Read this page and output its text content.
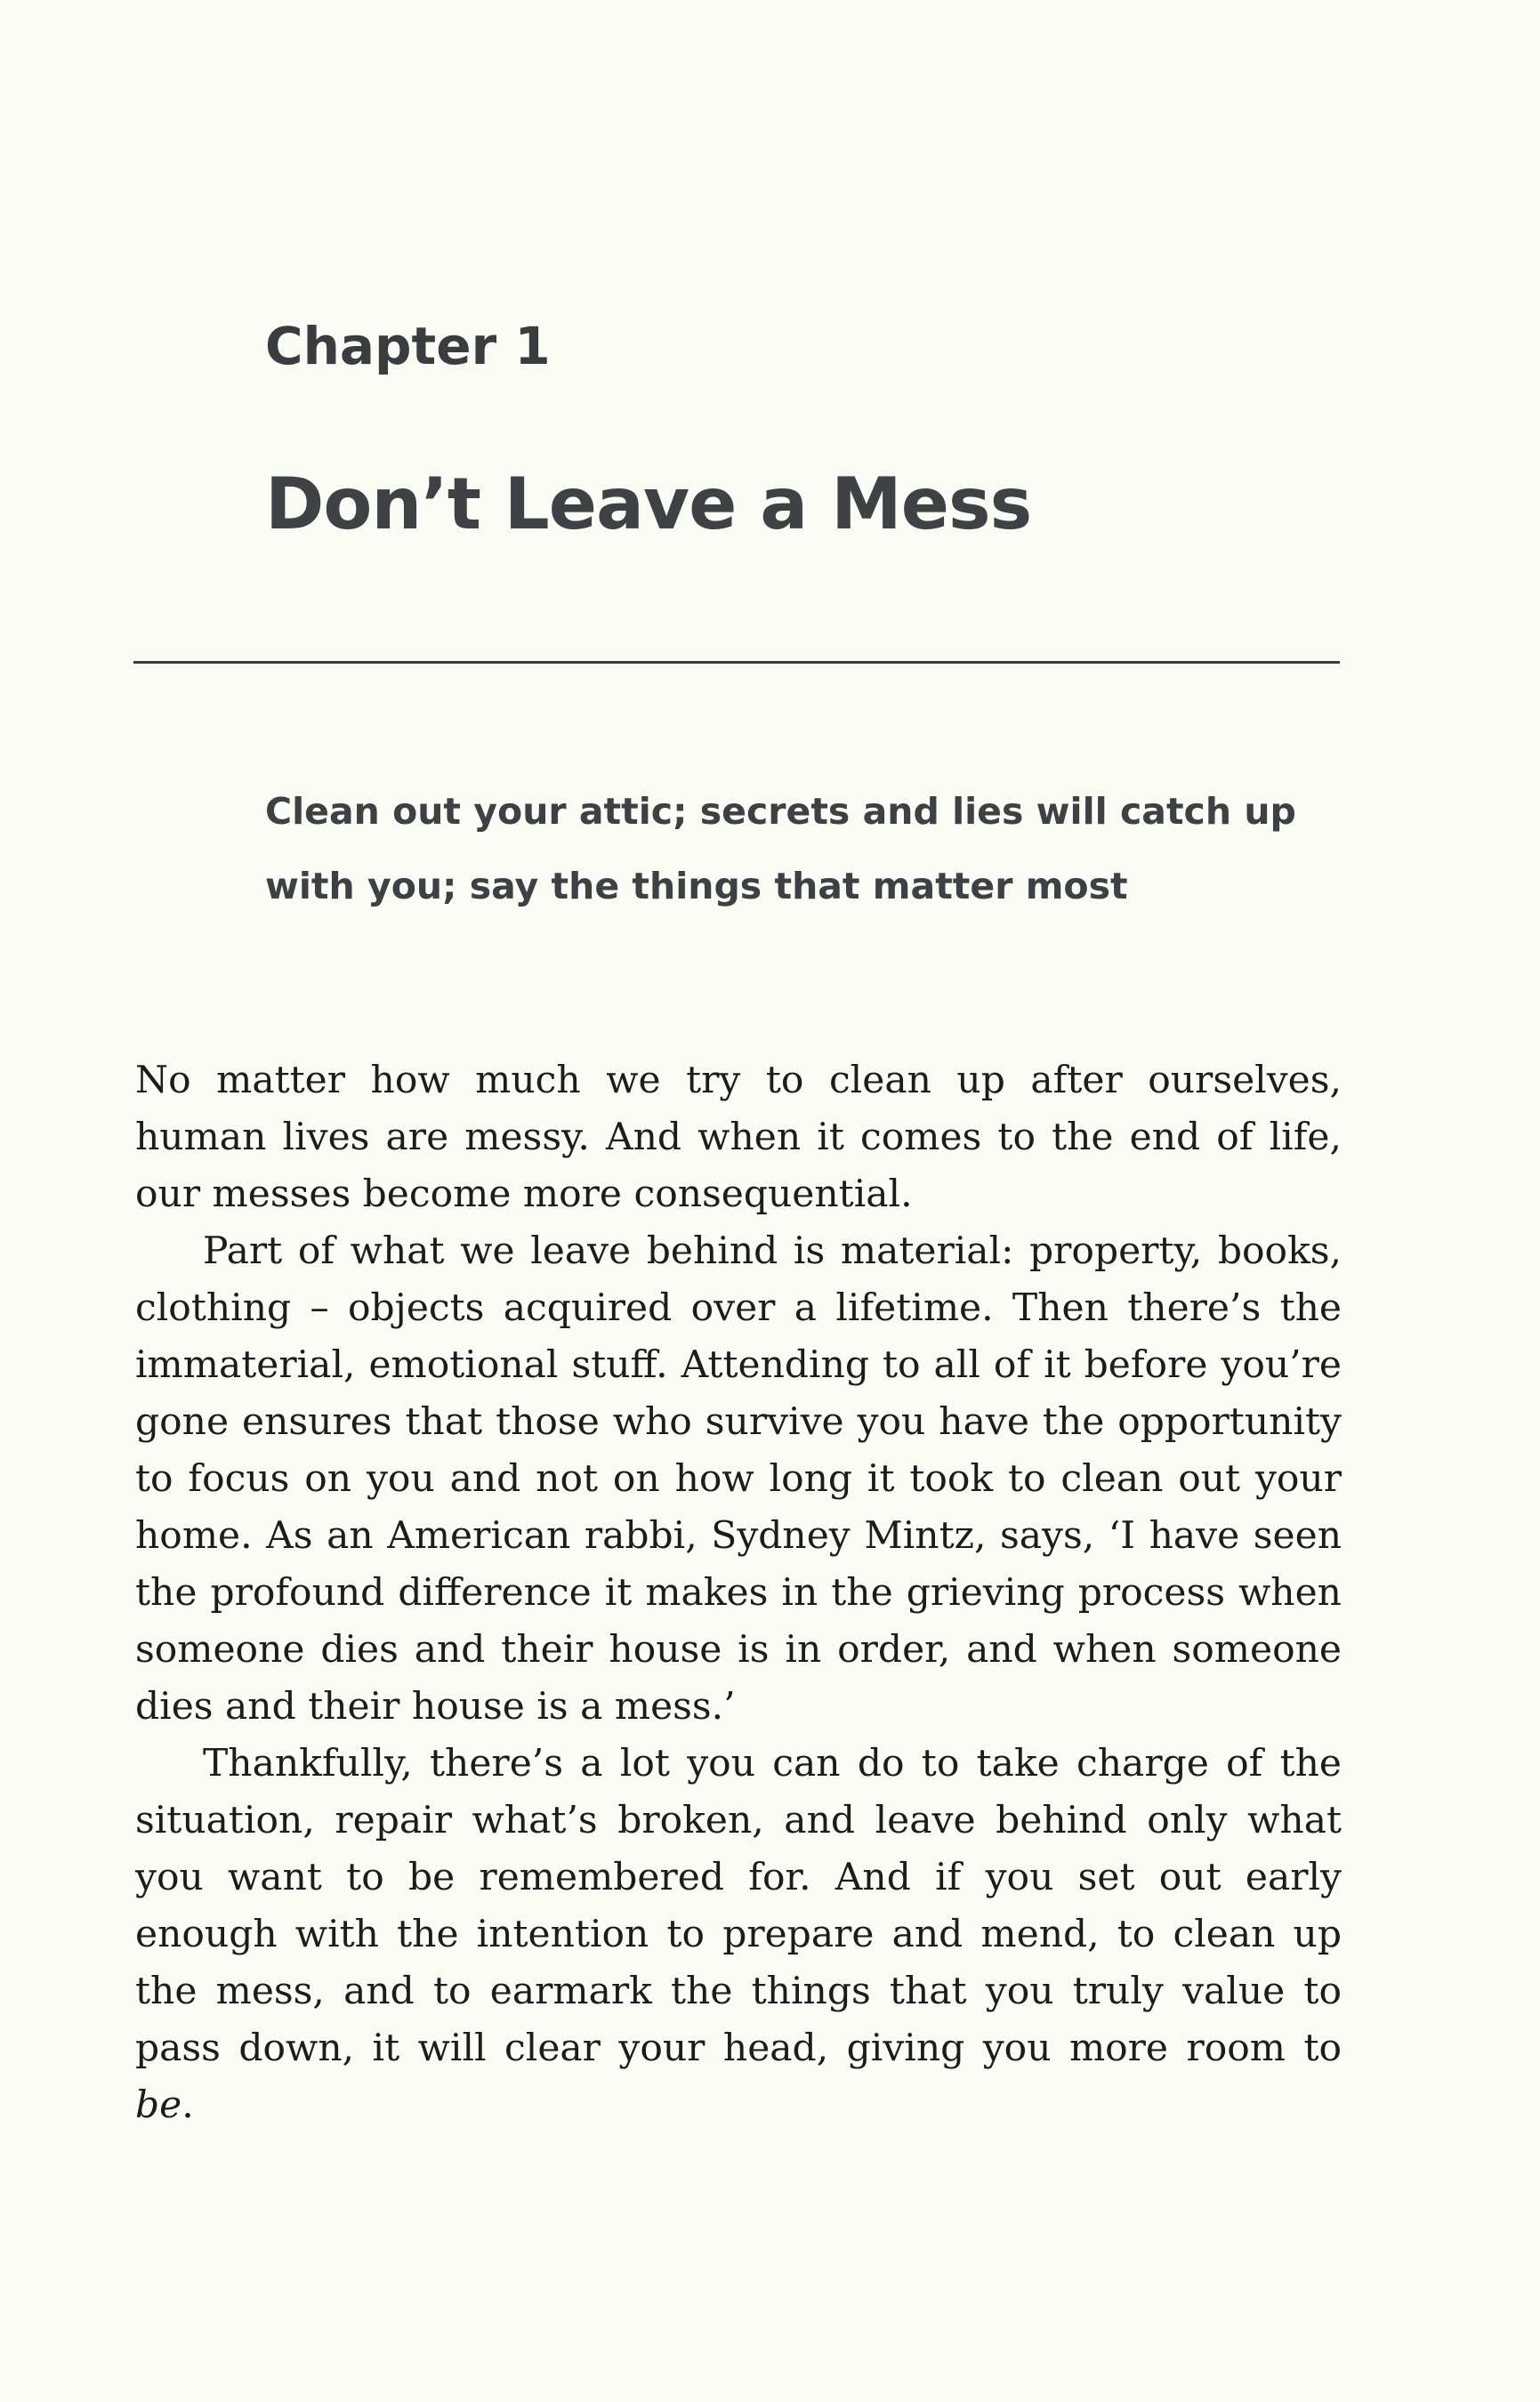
Chapter 1
Don’t Leave a Mess
Clean out your attic; secrets and lies will catch up
with you; say the things that matter most

No matter how much we try to clean up after ourselves, human lives are messy. And when it comes to the end of life, our messes become more consequential.

Part of what we leave behind is material: property, books, clothing – objects acquired over a lifetime. Then there’s the immaterial, emotional stuff. Attending to all of it before you’re gone ensures that those who survive you have the opportunity to focus on you and not on how long it took to clean out your home. As an American rabbi, Sydney Mintz, says, ‘I have seen the profound difference it makes in the grieving process when someone dies and their house is in order, and when someone dies and their house is a mess.’

Thankfully, there’s a lot you can do to take charge of the situation, repair what’s broken, and leave behind only what you want to be remembered for. And if you set out early enough with the intention to prepare and mend, to clean up the mess, and to earmark the things that you truly value to pass down, it will clear your head, giving you more room to be.
